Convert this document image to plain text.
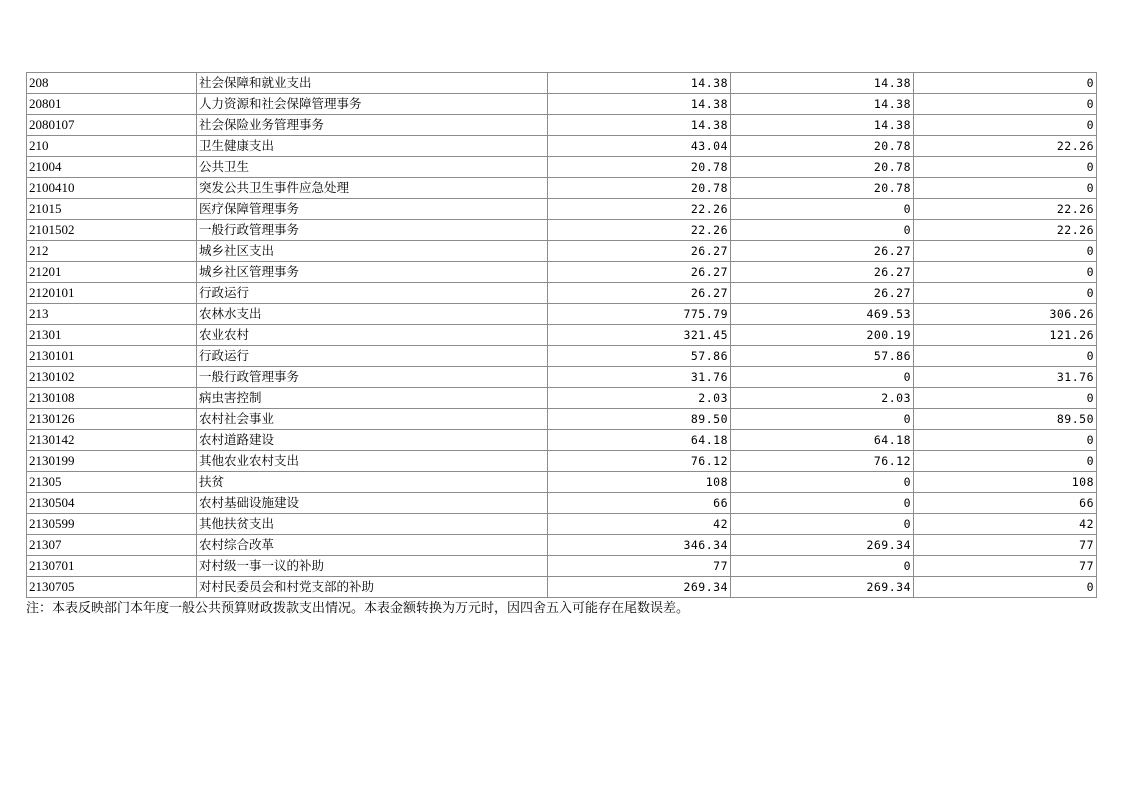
208	社会保障和就业支出	14.38	14.38	0
20801	人力资源和社会保障管理事务	14.38	14.38	0
2080107	社会保险业务管理事务	14.38	14.38	0
210	卫生健康支出	43.04	20.78	22.26
21004	公共卫生	20.78	20.78	0
2100410	突发公共卫生事件应急处理	20.78	20.78	0
21015	医疗保障管理事务	22.26	0	22.26
2101502	一般行政管理事务	22.26	0	22.26
212	城乡社区支出	26.27	26.27	0
21201	城乡社区管理事务	26.27	26.27	0
2120101	行政运行	26.27	26.27	0
213	农林水支出	775.79	469.53	306.26
21301	农业农村	321.45	200.19	121.26
2130101	行政运行	57.86	57.86	0
2130102	一般行政管理事务	31.76	0	31.76
2130108	病虫害控制	2.03	2.03	0
2130126	农村社会事业	89.50	0	89.50
2130142	农村道路建设	64.18	64.18	0
2130199	其他农业农村支出	76.12	76.12	0
21305	扶贫	108	0	108
2130504	农村基础设施建设	66	0	66
2130599	其他扶贫支出	42	0	42
21307	农村综合改革	346.34	269.34	77
2130701	对村级一事一议的补助	77	0	77
2130705	对村民委员会和村党支部的补助	269.34	269.34	0
注：本表反映部门本年度一般公共预算财政拨款支出情况。本表金额转换为万元时，因四舍五入可能存在尾数误差。
